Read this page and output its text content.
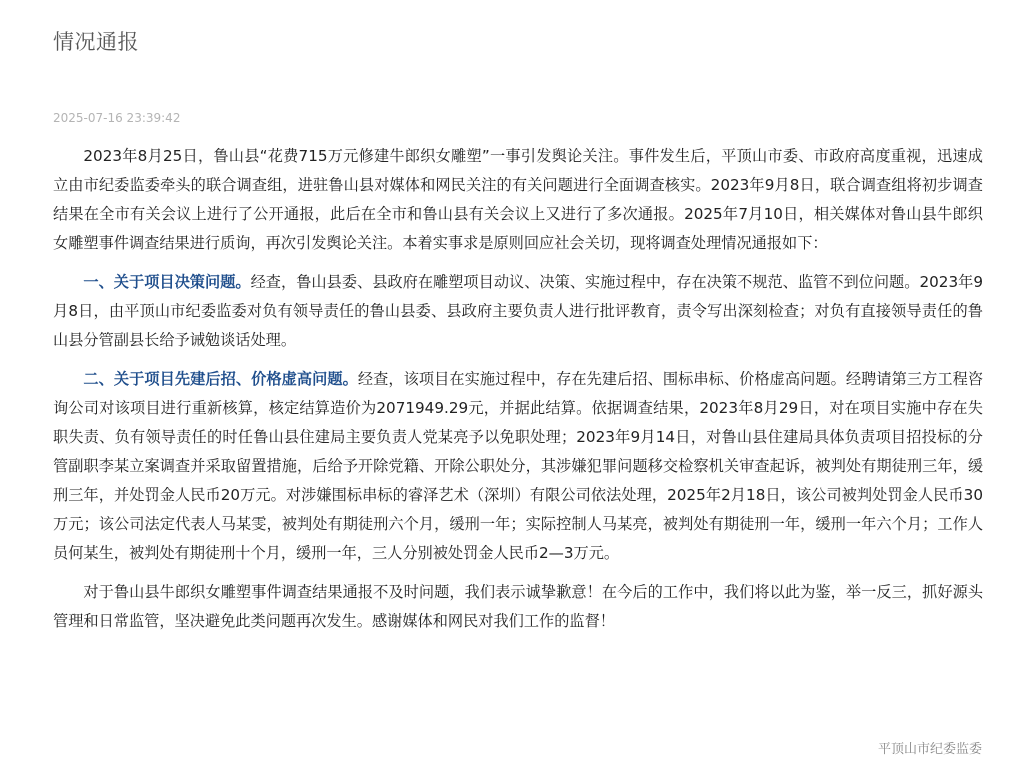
情况通报
2025-07-16 23:39:42

2023年8月25日，鲁山县“花费715万元修建牛郎织女雕塑”一事引发舆论关注。事件发生后，平顶山市委、市政府高度重视，迅速成立由市纪委监委牵头的联合调查组，进驻鲁山县对媒体和网民关注的有关问题进行全面调查核实。2023年9月8日，联合调查组将初步调查结果在全市有关会议上进行了公开通报，此后在全市和鲁山县有关会议上又进行了多次通报。2025年7月10日，相关媒体对鲁山县牛郎织女雕塑事件调查结果进行质询，再次引发舆论关注。本着实事求是原则回应社会关切，现将调查处理情况通报如下：

一、关于项目决策问题。经查，鲁山县委、县政府在雕塑项目动议、决策、实施过程中，存在决策不规范、监管不到位问题。2023年9月8日，由平顶山市纪委监委对负有领导责任的鲁山县委、县政府主要负责人进行批评教育，责令写出深刻检查；对负有直接领导责任的鲁山县分管副县长给予诫勉谈话处理。

二、关于项目先建后招、价格虚高问题。经查，该项目在实施过程中，存在先建后招、围标串标、价格虚高问题。经聘请第三方工程咨询公司对该项目进行重新核算，核定结算造价为2071949.29元，并据此结算。依据调查结果，2023年8月29日，对在项目实施中存在失职失责、负有领导责任的时任鲁山县住建局主要负责人党某亮予以免职处理；2023年9月14日，对鲁山县住建局具体负责项目招投标的分管副职李某立案调查并采取留置措施，后给予开除党籍、开除公职处分，其涉嫌犯罪问题移交检察机关审查起诉，被判处有期徒刑三年，缓刑三年，并处罚金人民币20万元。对涉嫌围标串标的睿泽艺术（深圳）有限公司依法处理，2025年2月18日，该公司被判处罚金人民币30万元；该公司法定代表人马某雯，被判处有期徒刑六个月，缓刑一年；实际控制人马某亮，被判处有期徒刑一年，缓刑一年六个月；工作人员何某生，被判处有期徒刑十个月，缓刑一年，三人分别被处罚金人民币2—3万元。

对于鲁山县牛郎织女雕塑事件调查结果通报不及时问题，我们表示诚挚歉意！在今后的工作中，我们将以此为鉴，举一反三，抓好源头管理和日常监管，坚决避免此类问题再次发生。感谢媒体和网民对我们工作的监督！

平顶山市纪委监委
